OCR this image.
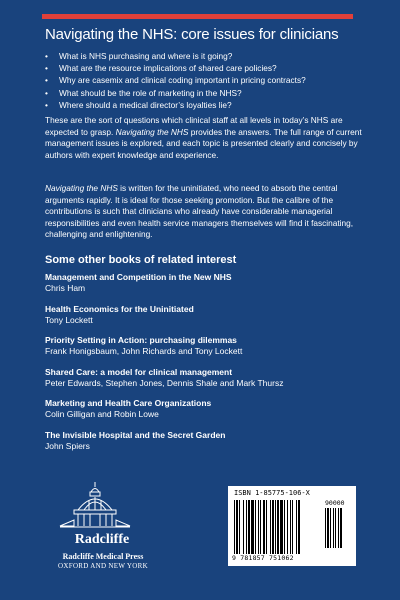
Navigating the NHS: core issues for clinicians
• What is NHS purchasing and where is it going?
• What are the resource implications of shared care policies?
• Why are casemix and clinical coding important in pricing contracts?
• What should be the role of marketing in the NHS?
• Where should a medical director’s loyalties lie?

These are the sort of questions which clinical staff at all levels in today’s NHS are expected to grasp. Navigating the NHS provides the answers. The full range of current management issues is explored, and each topic is presented clearly and concisely by authors with expert knowledge and experience.

Navigating the NHS is written for the uninitiated, who need to absorb the central arguments rapidly. It is ideal for those seeking promotion. But the calibre of the contributions is such that clinicians who already have considerable managerial responsibilities and even health service managers themselves will find it fascinating, challenging and enlightening.

Some other books of related interest
Management and Competition in the New NHS
Chris Ham
Health Economics for the Uninitiated
Tony Lockett
Priority Setting in Action: purchasing dilemmas
Frank Honigsbaum, John Richards and Tony Lockett
Shared Care: a model for clinical management
Peter Edwards, Stephen Jones, Dennis Shale and Mark Thursz
Marketing and Health Care Organizations
Colin Gilligan and Robin Lowe
The Invisible Hospital and the Secret Garden
John Spiers
Radcliffe
Radcliffe Medical Press
OXFORD AND NEW YORK
ISBN 1-85775-106-X
90000
9 781857 751062
